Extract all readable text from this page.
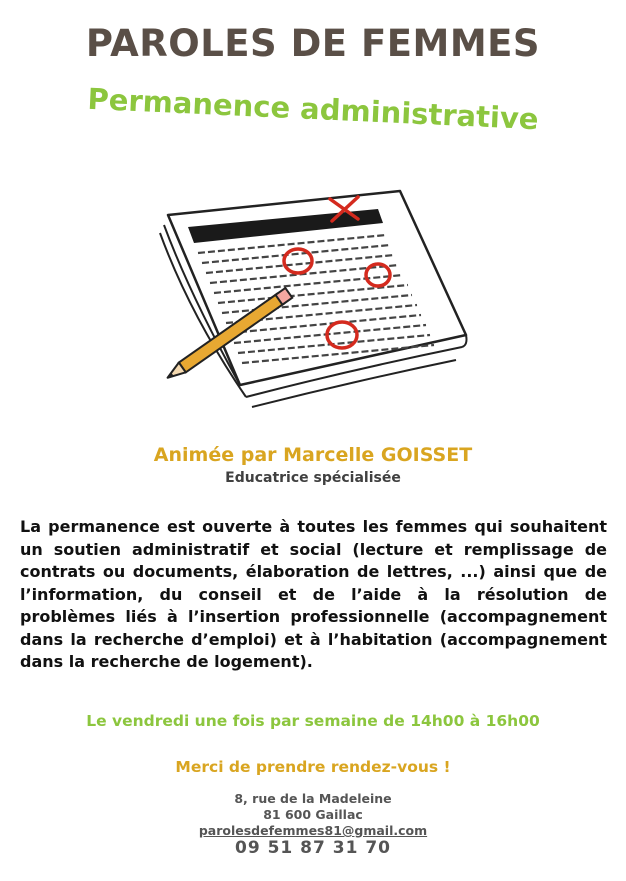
PAROLES DE FEMMES
Permanence administrative

Animée par Marcelle GOISSET

Educatrice spécialisée

La permanence est ouverte à toutes les femmes qui souhaitent un soutien administratif et social (lecture et remplissage de contrats ou documents, élaboration de lettres, ...) ainsi que de l’information, du conseil et de l’aide à la résolution de problèmes liés à l’insertion professionnelle (accompagnement dans la recherche d’emploi) et à l’habitation (accompagnement dans la recherche de logement).

Le vendredi une fois par semaine de 14h00 à 16h00

Merci de prendre rendez-vous !

8, rue de la Madeleine
81 600 Gaillac
parolesdefemmes81@gmail.com

09 51 87 31 70
